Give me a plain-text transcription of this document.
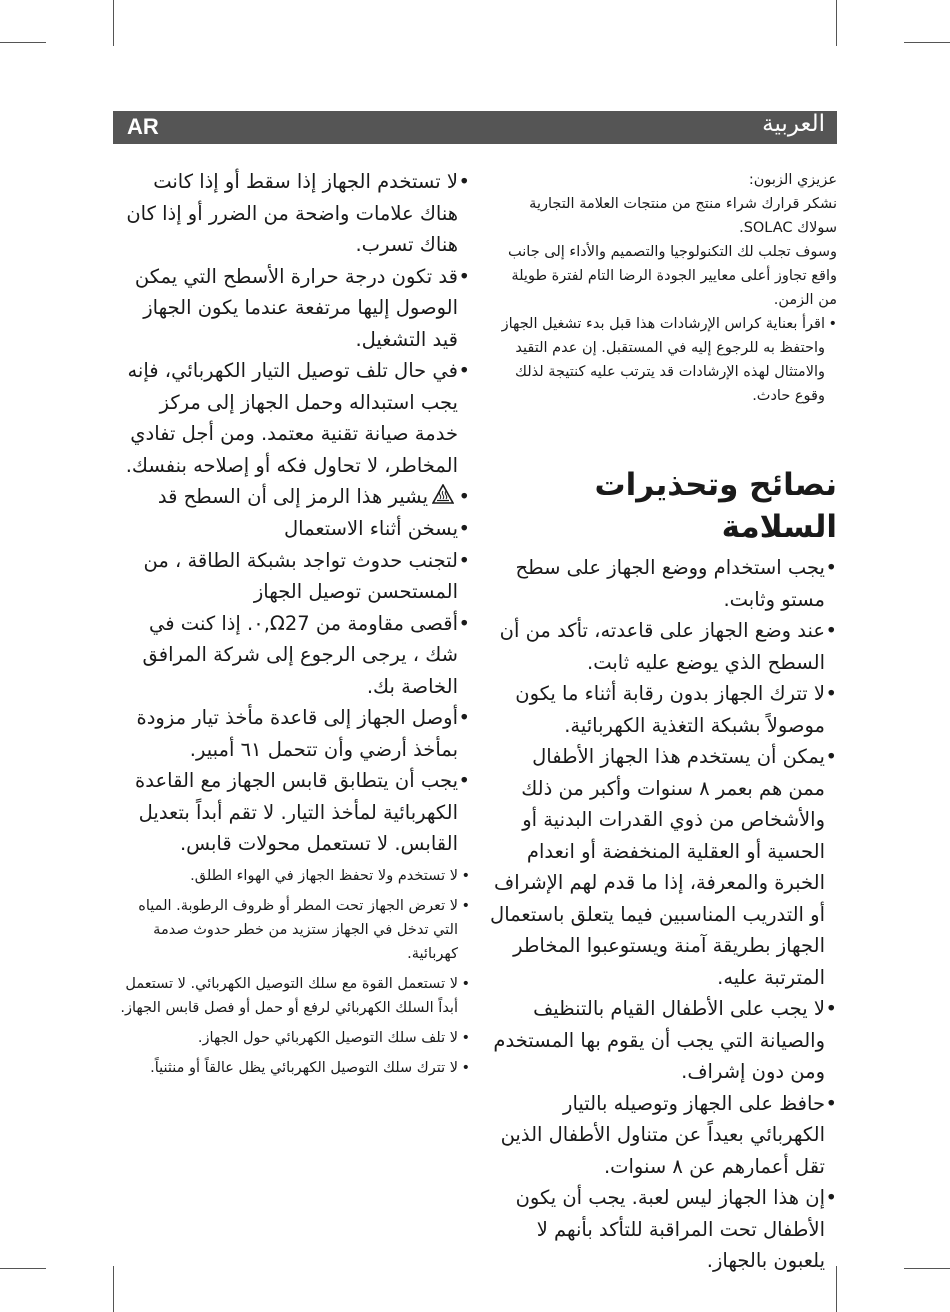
AR	العربية

عزيزي الزبون:

نشكر قرارك شراء منتج من منتجات العلامة التجارية سولاك SOLAC.

وسوف تجلب لك التكنولوجيا والتصميم والأداء إلى جانب واقع تجاوز أعلى معايير الجودة الرضا التام لفترة طويلة من الزمن.

•
اقرأ بعناية كراس الإرشادات هذا قبل بدء تشغيل الجهاز واحتفظ به للرجوع إليه في المستقبل. إن عدم التقيد والامتثال لهذه الإرشادات قد يترتب عليه كنتيجة لذلك وقوع حادث.
نصائح وتحذيرات السلامة
•
يجب استخدام ووضع الجهاز على سطح مستو وثابت.
•
عند وضع الجهاز على قاعدته، تأكد من أن السطح الذي يوضع عليه ثابت.
•
لا تترك الجهاز بدون رقابة أثناء ما يكون موصولاً بشبكة التغذية الكهربائية.
•
يمكن أن يستخدم هذا الجهاز الأطفال ممن هم بعمر ٨ سنوات وأكبر من ذلك والأشخاص من ذوي القدرات البدنية أو الحسية أو العقلية المنخفضة أو انعدام الخبرة والمعرفة، إذا ما قدم لهم الإشراف أو التدريب المناسبين فيما يتعلق باستعمال الجهاز بطريقة آمنة ويستوعبوا المخاطر المترتبة عليه.
•
لا يجب على الأطفال القيام بالتنظيف والصيانة التي يجب أن يقوم بها المستخدم ومن دون إشراف.
•
حافظ على الجهاز وتوصيله بالتيار الكهربائي بعيداً عن متناول الأطفال الذين تقل أعمارهم عن ٨ سنوات.
•
إن هذا الجهاز ليس لعبة. يجب أن يكون الأطفال تحت المراقبة للتأكد بأنهم لا يلعبون بالجهاز.
•
لا تستخدم الجهاز إذا سقط أو إذا كانت هناك علامات واضحة من الضرر أو إذا كان هناك تسرب.
•
قد تكون درجة حرارة الأسطح التي يمكن الوصول إليها مرتفعة عندما يكون الجهاز قيد التشغيل.
•
في حال تلف توصيل التيار الكهربائي، فإنه يجب استبداله وحمل الجهاز إلى مركز خدمة صيانة تقنية معتمد. ومن أجل تفادي المخاطر، لا تحاول فكه أو إصلاحه بنفسك.
•
يشير هذا الرمز إلى أن السطح قد
•
يسخن أثناء الاستعمال
•
لتجنب حدوث تواجد بشبكة الطاقة ، من المستحسن توصيل الجهاز
•
أقصى مقاومة من Ω27,٠. إذا كنت في شك ، يرجى الرجوع إلى شركة المرافق الخاصة بك.
•
أوصل الجهاز إلى قاعدة مأخذ تيار مزودة بمأخذ أرضي وأن تتحمل ٦١ أمبير.
•
يجب أن يتطابق قابس الجهاز مع القاعدة الكهربائية لمأخذ التيار. لا تقم أبداً بتعديل القابس. لا تستعمل محولات قابس.
•
لا تستخدم ولا تحفظ الجهاز في الهواء الطلق.
•
لا تعرض الجهاز تحت المطر أو ظروف الرطوبة. المياه التي تدخل في الجهاز ستزيد من خطر حدوث صدمة كهربائية.
•
لا تستعمل القوة مع سلك التوصيل الكهربائي. لا تستعمل أبداً السلك الكهربائي لرفع أو حمل أو فصل قابس الجهاز.
•
لا تلف سلك التوصيل الكهربائي حول الجهاز.
•
لا تترك سلك التوصيل الكهربائي يظل عالقاً أو منثنياً.
